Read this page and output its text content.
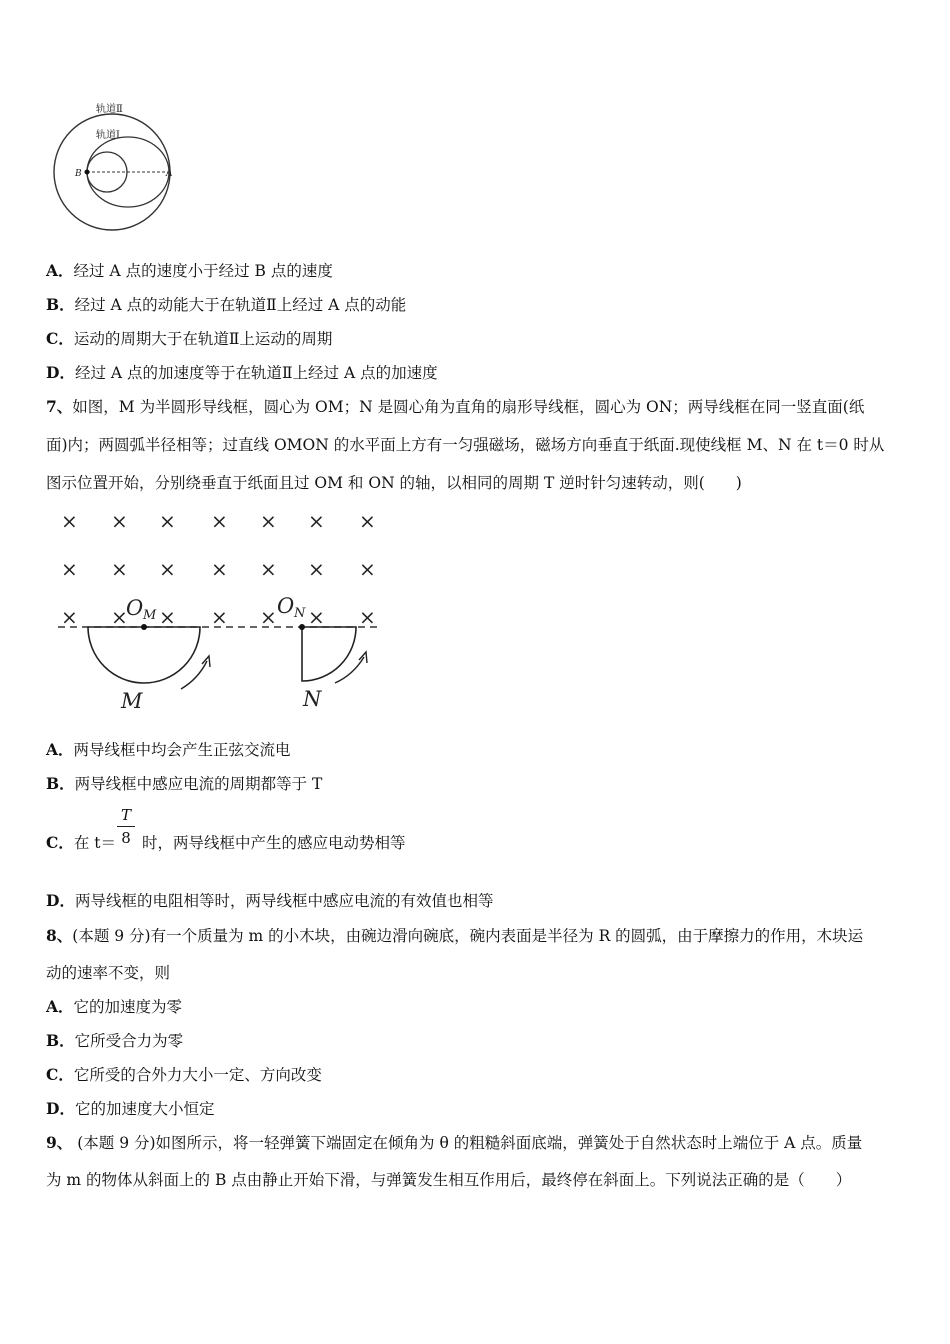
轨道Ⅱ
轨道Ⅰ
B	A
A．经过 A 点的速度小于经过 B 点的速度
B．经过 A 点的动能大于在轨道Ⅱ上经过 A 点的动能
C．运动的周期大于在轨道Ⅱ上运动的周期
D．经过 A 点的加速度等于在轨道Ⅱ上经过 A 点的加速度
7、如图，M 为半圆形导线框，圆心为 OM；N 是圆心角为直角的扇形导线框，圆心为 ON；两导线框在同一竖直面(纸
面)内；两圆弧半径相等；过直线 OMON 的水平面上方有一匀强磁场，磁场方向垂直于纸面.现使线框 M、N 在 t＝0 时从
图示位置开始，分别绕垂直于纸面且过 OM 和 ON 的轴，以相同的周期 T 逆时针匀速转动，则(　　)
× × × × × × ×
× × × × × × ×
× × × × × × ×
O M	O N
M	N
A．两导线框中均会产生正弦交流电
B．两导线框中感应电流的周期都等于 T
C．在 t＝ 时，两导线框中产生的感应电动势相等
T
8
D．两导线框的电阻相等时，两导线框中感应电流的有效值也相等
8、(本题 9 分)有一个质量为 m 的小木块，由碗边滑向碗底，碗内表面是半径为 R 的圆弧，由于摩擦力的作用，木块运
动的速率不变，则
A．它的加速度为零
B．它所受合力为零
C．它所受的合外力大小一定、方向改变
D．它的加速度大小恒定
9、 (本题 9 分)如图所示，将一轻弹簧下端固定在倾角为 θ 的粗糙斜面底端，弹簧处于自然状态时上端位于 A 点。质量
为 m 的物体从斜面上的 B 点由静止开始下滑，与弹簧发生相互作用后，最终停在斜面上。下列说法正确的是（　　）
